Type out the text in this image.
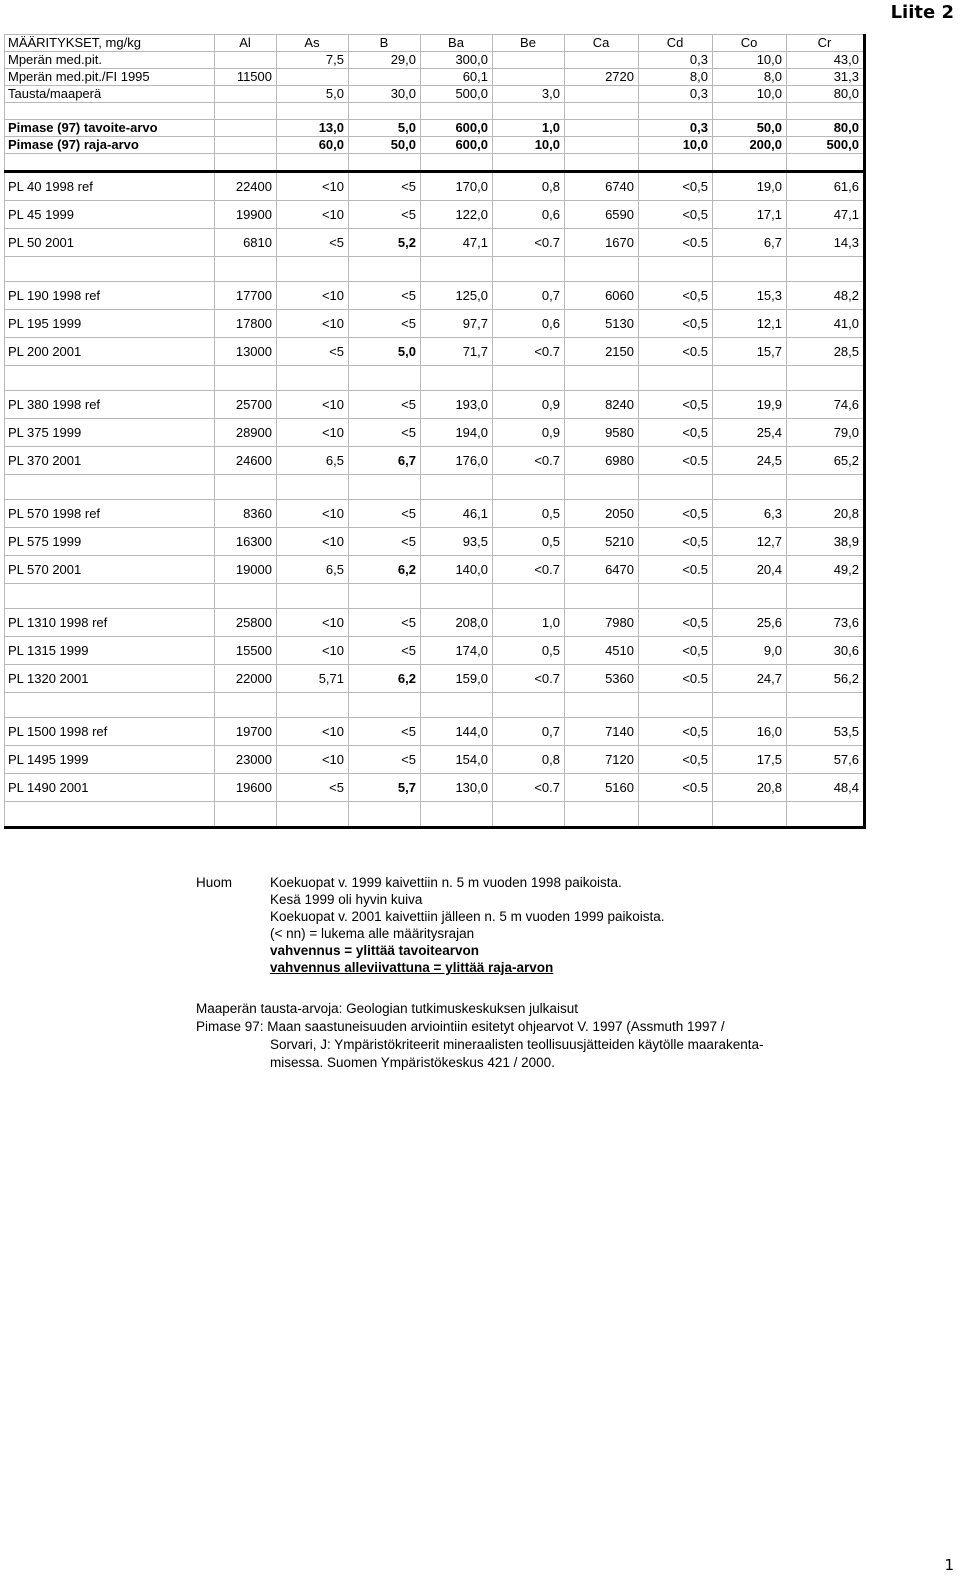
Liite 2
MÄÄRITYKSET, mg/kg	Al	As	B	Ba	Be	Ca	Cd	Co	Cr
Mperän med.pit.		7,5	29,0	300,0			0,3	10,0	43,0
Mperän med.pit./FI 1995	11500			60,1		2720	8,0	8,0	31,3
Tausta/maaperä		5,0	30,0	500,0	3,0		0,3	10,0	80,0

Pimase (97) tavoite-arvo		13,0	5,0	600,0	1,0		0,3	50,0	80,0
Pimase (97) raja-arvo		60,0	50,0	600,0	10,0		10,0	200,0	500,0

PL 40 1998 ref	22400	<10	<5	170,0	0,8	6740	<0,5	19,0	61,6
PL 45 1999	19900	<10	<5	122,0	0,6	6590	<0,5	17,1	47,1
PL 50 2001	6810	<5	5,2	47,1	<0.7	1670	<0.5	6,7	14,3

PL 190 1998 ref	17700	<10	<5	125,0	0,7	6060	<0,5	15,3	48,2
PL 195 1999	17800	<10	<5	97,7	0,6	5130	<0,5	12,1	41,0
PL 200 2001	13000	<5	5,0	71,7	<0.7	2150	<0.5	15,7	28,5

PL 380 1998 ref	25700	<10	<5	193,0	0,9	8240	<0,5	19,9	74,6
PL 375 1999	28900	<10	<5	194,0	0,9	9580	<0,5	25,4	79,0
PL 370 2001	24600	6,5	6,7	176,0	<0.7	6980	<0.5	24,5	65,2

PL 570 1998 ref	8360	<10	<5	46,1	0,5	2050	<0,5	6,3	20,8
PL 575 1999	16300	<10	<5	93,5	0,5	5210	<0,5	12,7	38,9
PL 570 2001	19000	6,5	6,2	140,0	<0.7	6470	<0.5	20,4	49,2

PL 1310 1998 ref	25800	<10	<5	208,0	1,0	7980	<0,5	25,6	73,6
PL 1315 1999	15500	<10	<5	174,0	0,5	4510	<0,5	9,0	30,6
PL 1320 2001	22000	5,71	6,2	159,0	<0.7	5360	<0.5	24,7	56,2

PL 1500 1998 ref	19700	<10	<5	144,0	0,7	7140	<0,5	16,0	53,5
PL 1495 1999	23000	<10	<5	154,0	0,8	7120	<0,5	17,5	57,6
PL 1490 2001	19600	<5	5,7	130,0	<0.7	5160	<0.5	20,8	48,4

Huom	Koekuopat v. 1999 kaivettiin n. 5 m vuoden 1998 paikoista.
Kesä 1999 oli hyvin kuiva
Koekuopat v. 2001 kaivettiin jälleen n. 5 m vuoden 1999 paikoista.
(< nn) = lukema alle määritysrajan
vahvennus = ylittää tavoitearvon
vahvennus alleviivattuna = ylittää raja-arvon
Maaperän tausta-arvoja: Geologian tutkimuskeskuksen julkaisut
Pimase 97: Maan saastuneisuuden arviointiin esitetyt ohjearvot V. 1997 (Assmuth 1997 /
Sorvari, J: Ympäristökriteerit mineraalisten teollisuusjätteiden käytölle maarakenta-
misessa. Suomen Ympäristökeskus 421 / 2000.
1
